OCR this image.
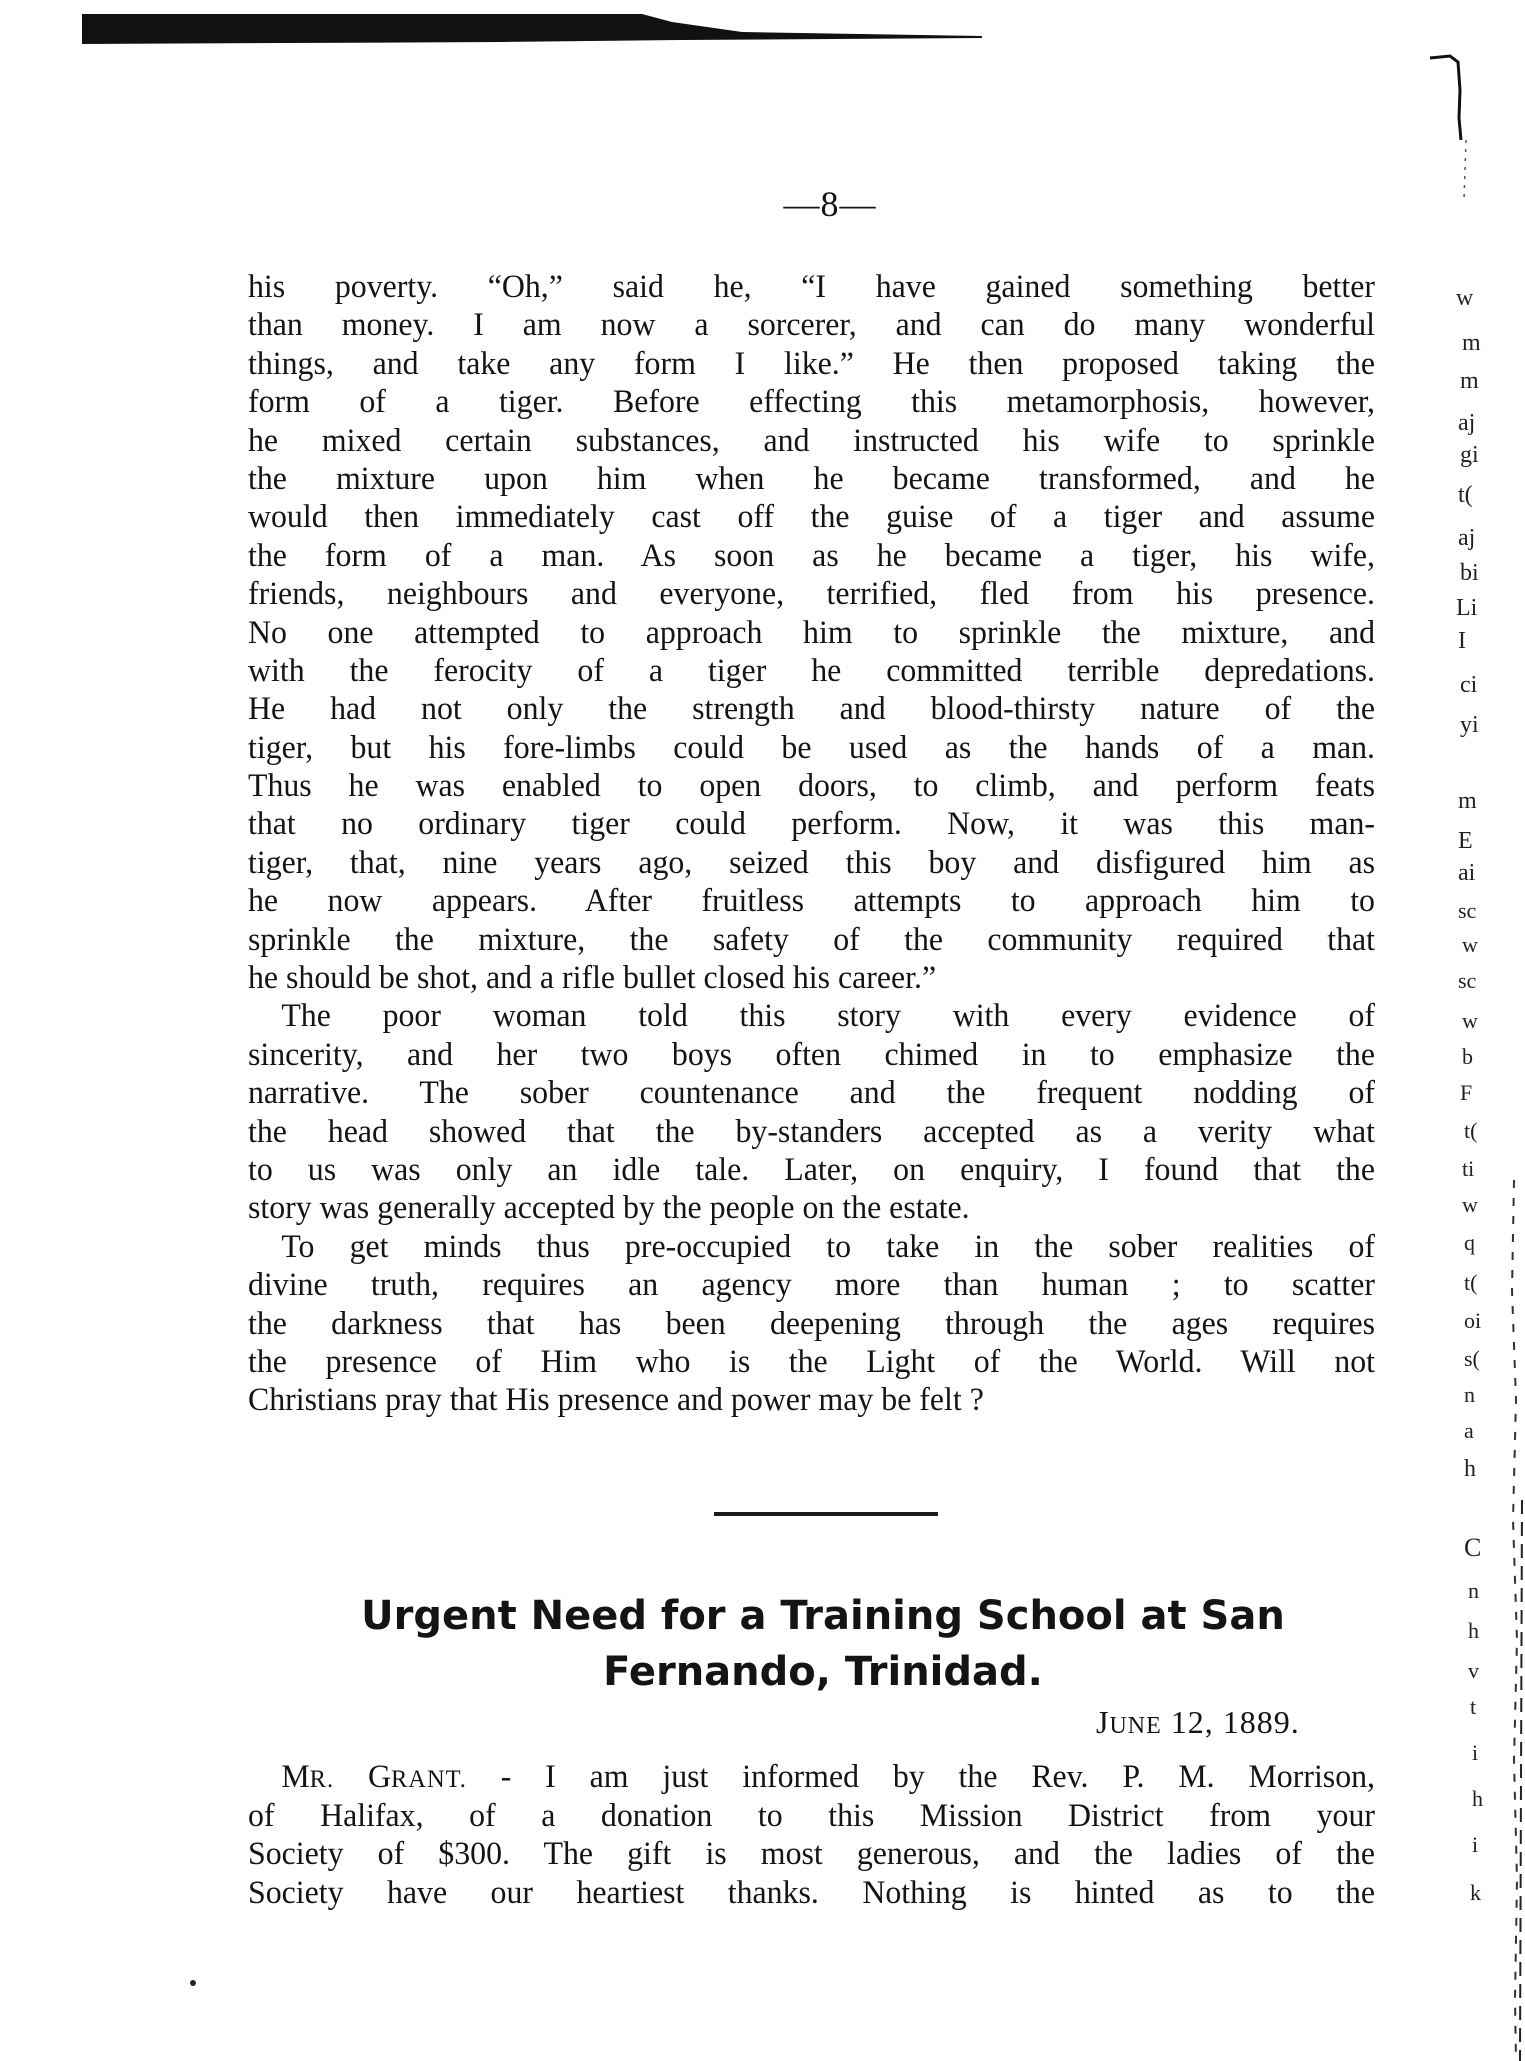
—8—
his poverty. “Oh,” said he, “I have gained something better
than money. I am now a sorcerer, and can do many wonderful
things, and take any form I like.” He then proposed taking the
form of a tiger. Before effecting this metamorphosis, however,
he mixed certain substances, and instructed his wife to sprinkle
the mixture upon him when he became transformed, and he
would then immediately cast off the guise of a tiger and assume
the form of a man. As soon as he became a tiger, his wife,
friends, neighbours and everyone, terrified, fled from his presence.
No one attempted to approach him to sprinkle the mixture, and
with the ferocity of a tiger he committed terrible depredations.
He had not only the strength and blood-thirsty nature of the
tiger, but his fore-limbs could be used as the hands of a man.
Thus he was enabled to open doors, to climb, and perform feats
that no ordinary tiger could perform. Now, it was this man-
tiger, that, nine years ago, seized this boy and disfigured him as
he now appears. After fruitless attempts to approach him to
sprinkle the mixture, the safety of the community required that
he should be shot, and a rifle bullet closed his career.”
The poor woman told this story with every evidence of
sincerity, and her two boys often chimed in to emphasize the
narrative. The sober countenance and the frequent nodding of
the head showed that the by-standers accepted as a verity what
to us was only an idle tale. Later, on enquiry, I found that the
story was generally accepted by the people on the estate.
To get minds thus pre-occupied to take in the sober realities of
divine truth, requires an agency more than human ; to scatter
the darkness that has been deepening through the ages requires
the presence of Him who is the Light of the World. Will not
Christians pray that His presence and power may be felt ?
Urgent Need for a Training School at San
Fernando, Trinidad.
JUNE 12, 1889.
MR. GRANT. - I am just informed by the Rev. P. M. Morrison,
of Halifax, of a donation to this Mission District from your
Society of $300. The gift is most generous, and the ladies of the
Society have our heartiest thanks. Nothing is hinted as to the
w
m
m
aj
gi
t(
aj
bi
Li
I
ci
yi
m
E
ai
sc
w
sc
w
b
F
t(
ti
w
q
t(
oi
s(
n
a
h
C
n
h
v
t
i
h
i
k
